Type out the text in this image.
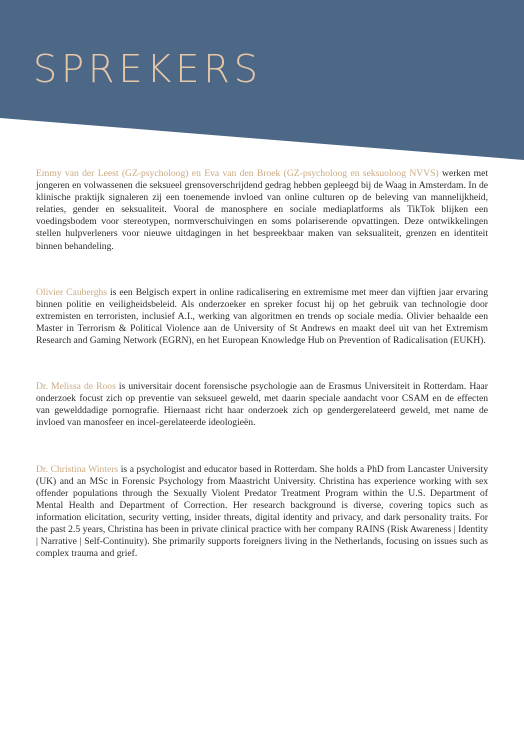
SPREKERS

Emmy van der Leest (GZ-psycholoog) en Eva van den Broek (GZ-psycholoog en seksuoloog NVVS) werken met jongeren en volwassenen die seksueel grensoverschrijdend gedrag hebben gepleegd bij de Waag in Amsterdam. In de klinische praktijk signaleren zij een toenemende invloed van online culturen op de beleving van mannelijkheid, relaties, gender en seksualiteit. Vooral de manosphere en sociale mediaplatforms als TikTok blijken een voedingsbodem voor stereotypen, normverschuivingen en soms polariserende opvattingen. Deze ontwikkelingen stellen hulpverleners voor nieuwe uitdagingen in het bespreekbaar maken van seksualiteit, grenzen en identiteit binnen behandeling.

Olivier Cauberghs is een Belgisch expert in online radicalisering en extremisme met meer dan vijftien jaar ervaring binnen politie en veiligheidsbeleid. Als onderzoeker en spreker focust hij op het gebruik van technologie door extremisten en terroristen, inclusief A.I., werking van algoritmen en trends op sociale media. Olivier behaalde een Master in Terrorism & Political Violence aan de University of St Andrews en maakt deel uit van het Extremism Research and Gaming Network (EGRN), en het European Knowledge Hub on Prevention of Radicalisation (EUKH).

Dr. Melissa de Roos is universitair docent forensische psychologie aan de Erasmus Universiteit in Rotterdam. Haar onderzoek focust zich op preventie van seksueel geweld, met daarin speciale aandacht voor CSAM en de effecten van gewelddadige pornografie. Hiernaast richt haar onderzoek zich op gendergerelateerd geweld, met name de invloed van manosfeer en incel-gerelateerde ideologieën.

Dr. Christina Winters is a psychologist and educator based in Rotterdam. She holds a PhD from Lancaster University (UK) and an MSc in Forensic Psychology from Maastricht University. Christina has experience working with sex offender populations through the Sexually Violent Predator Treatment Program within the U.S. Department of Mental Health and Department of Correction. Her research background is diverse, covering topics such as information elicitation, security vetting, insider threats, digital identity and privacy, and dark personality traits. For the past 2.5 years, Christina has been in private clinical practice with her company RAINS (Risk Awareness | Identity | Narrative | Self-Continuity). She primarily supports foreigners living in the Netherlands, focusing on issues such as complex trauma and grief.
